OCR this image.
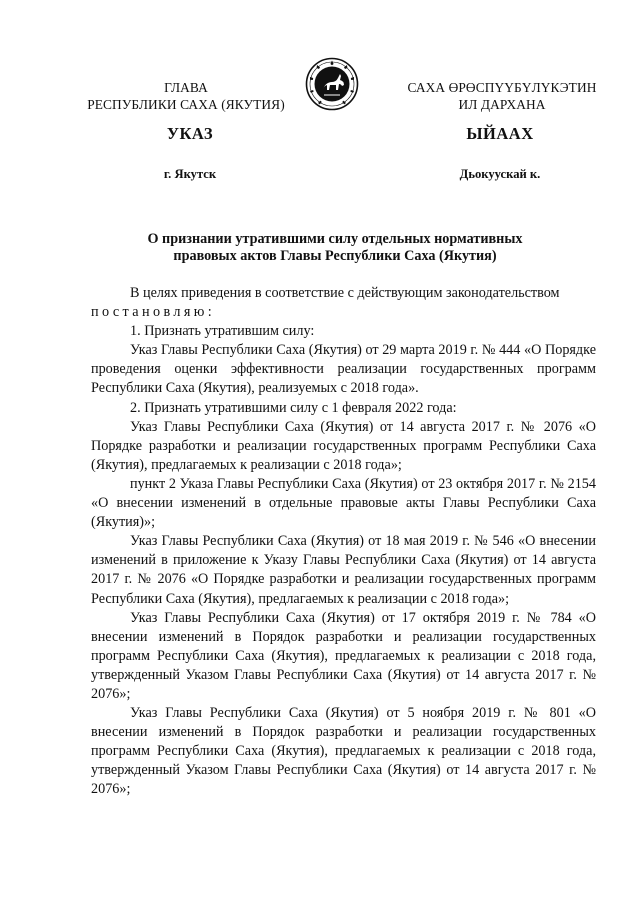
ГЛАВА
РЕСПУБЛИКИ САХА (ЯКУТИЯ)
САХА ӨРӨСПҮҮБҮЛҮКЭТИН
ИЛ ДАРХАНА
УКАЗ	ЫЙААХ
г. Якутск	Дьокуускай к.
О признании утратившими силу отдельных нормативных
правовых актов Главы Республики Саха (Якутия)

В целях приведения в соответствие с действующим законодательством

постановляю:

1. Признать утратившим силу:

Указ Главы Республики Саха (Якутия) от 29 марта 2019 г. № 444 «О Порядке проведения оценки эффективности реализации государственных программ Республики Саха (Якутия), реализуемых с 2018 года».

2. Признать утратившими силу с 1 февраля 2022 года:

Указ Главы Республики Саха (Якутия) от 14 августа 2017 г. № 2076 «О Порядке разработки и реализации государственных программ Республики Саха (Якутия), предлагаемых к реализации с 2018 года»;

пункт 2 Указа Главы Республики Саха (Якутия) от 23 октября 2017 г. № 2154 «О внесении изменений в отдельные правовые акты Главы Республики Саха (Якутия)»;

Указ Главы Республики Саха (Якутия) от 18 мая 2019 г. № 546 «О внесении изменений в приложение к Указу Главы Республики Саха (Якутия) от 14 августа 2017 г. № 2076 «О Порядке разработки и реализации государственных программ Республики Саха (Якутия), предлагаемых к реализации с 2018 года»;

Указ Главы Республики Саха (Якутия) от 17 октября 2019 г. № 784 «О внесении изменений в Порядок разработки и реализации государственных программ Республики Саха (Якутия), предлагаемых к реализации с 2018 года, утвержденный Указом Главы Республики Саха (Якутия) от 14 августа 2017 г. № 2076»;

Указ Главы Республики Саха (Якутия) от 5 ноября 2019 г. № 801 «О внесении изменений в Порядок разработки и реализации государственных программ Республики Саха (Якутия), предлагаемых к реализации с 2018 года, утвержденный Указом Главы Республики Саха (Якутия) от 14 августа 2017 г. № 2076»;
